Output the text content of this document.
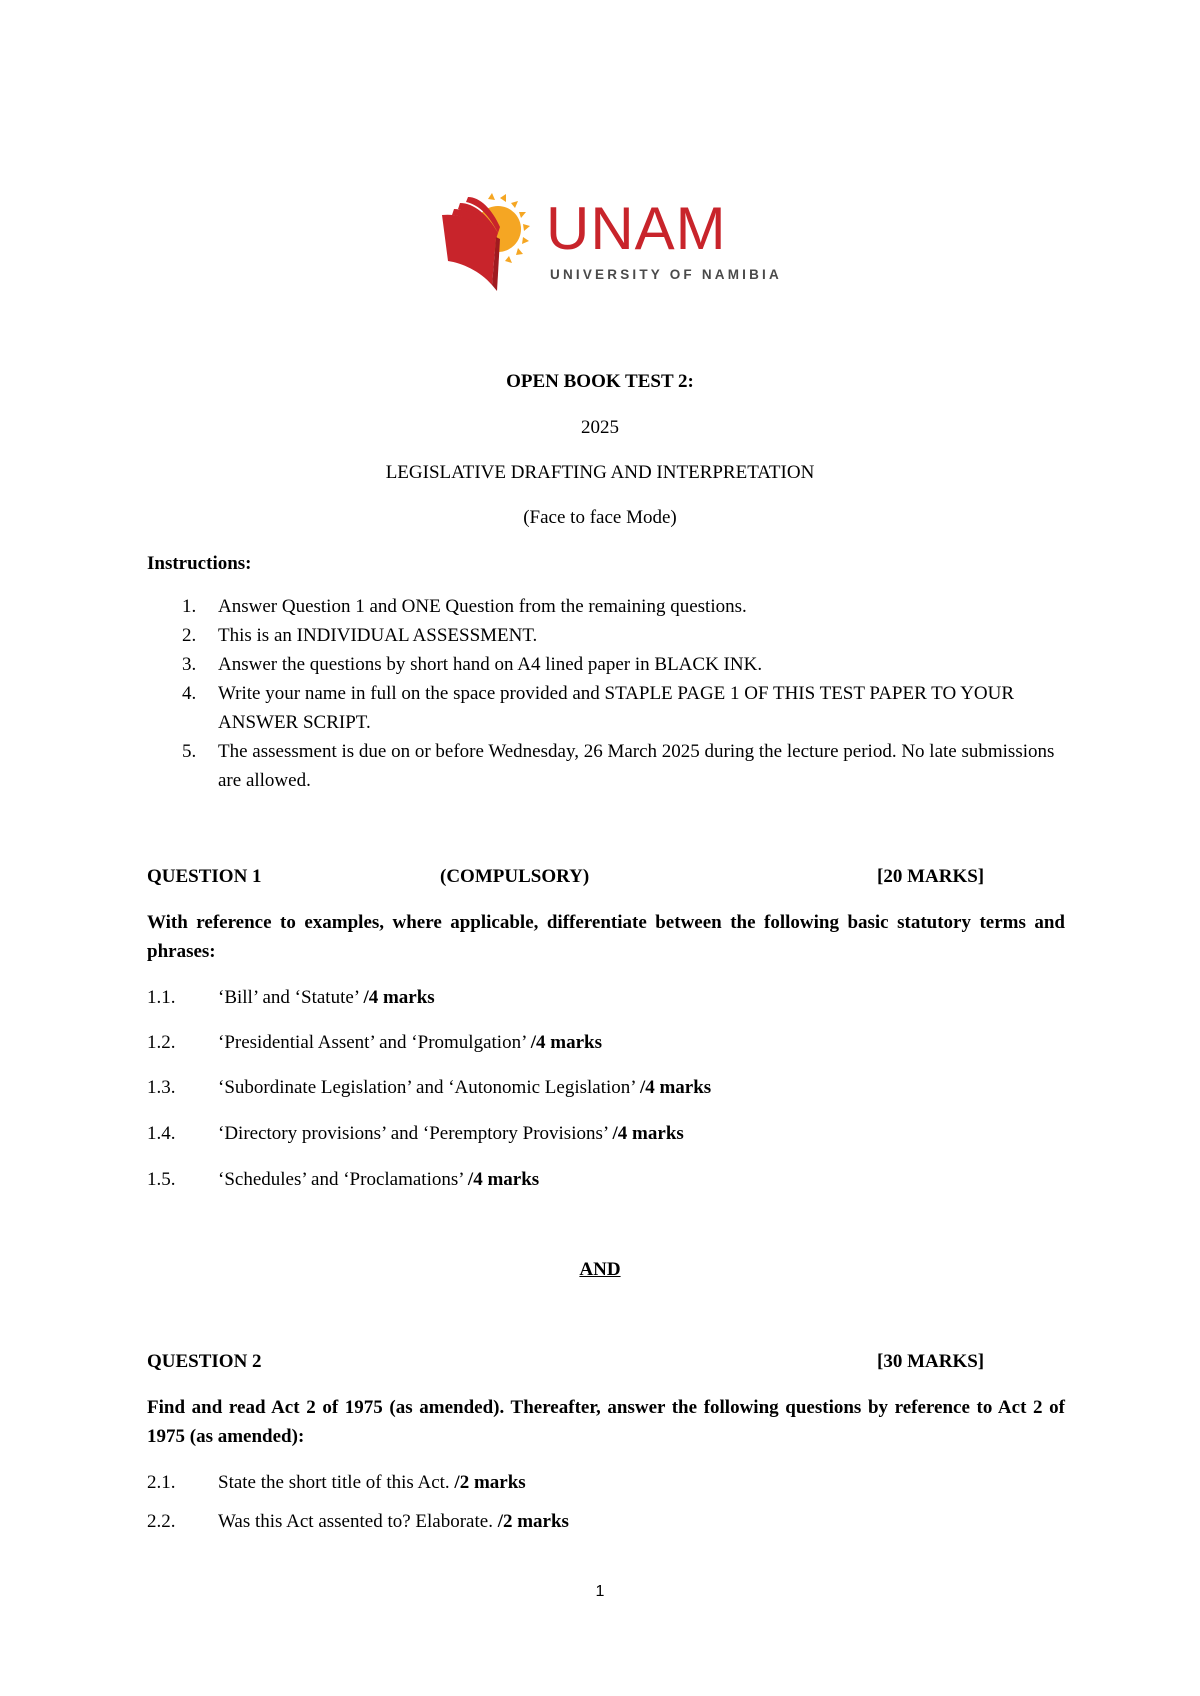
UNAM
UNIVERSITY OF NAMIBIA
OPEN BOOK TEST 2:
2025
LEGISLATIVE DRAFTING AND INTERPRETATION
(Face to face Mode)
Instructions:
1. Answer Question 1 and ONE Question from the remaining questions.
2. This is an INDIVIDUAL ASSESSMENT.
3. Answer the questions by short hand on A4 lined paper in BLACK INK.
4. Write your name in full on the space provided and STAPLE PAGE 1 OF THIS TEST PAPER TO YOUR ANSWER SCRIPT.
5. The assessment is due on or before Wednesday, 26 March 2025 during the lecture period. No late submissions are allowed.
QUESTION 1	(COMPULSORY)	[20 MARKS]
With reference to examples, where applicable, differentiate between the following basic statutory terms and phrases:
1.1. ‘Bill’ and ‘Statute’ /4 marks
1.2. ‘Presidential Assent’ and ‘Promulgation’ /4 marks
1.3. ‘Subordinate Legislation’ and ‘Autonomic Legislation’ /4 marks
1.4. ‘Directory provisions’ and ‘Peremptory Provisions’ /4 marks
1.5. ‘Schedules’ and ‘Proclamations’ /4 marks
AND
QUESTION 2	[30 MARKS]
Find and read Act 2 of 1975 (as amended). Thereafter, answer the following questions by reference to Act 2 of 1975 (as amended):
2.1. State the short title of this Act. /2 marks
2.2. Was this Act assented to? Elaborate. /2 marks
1
